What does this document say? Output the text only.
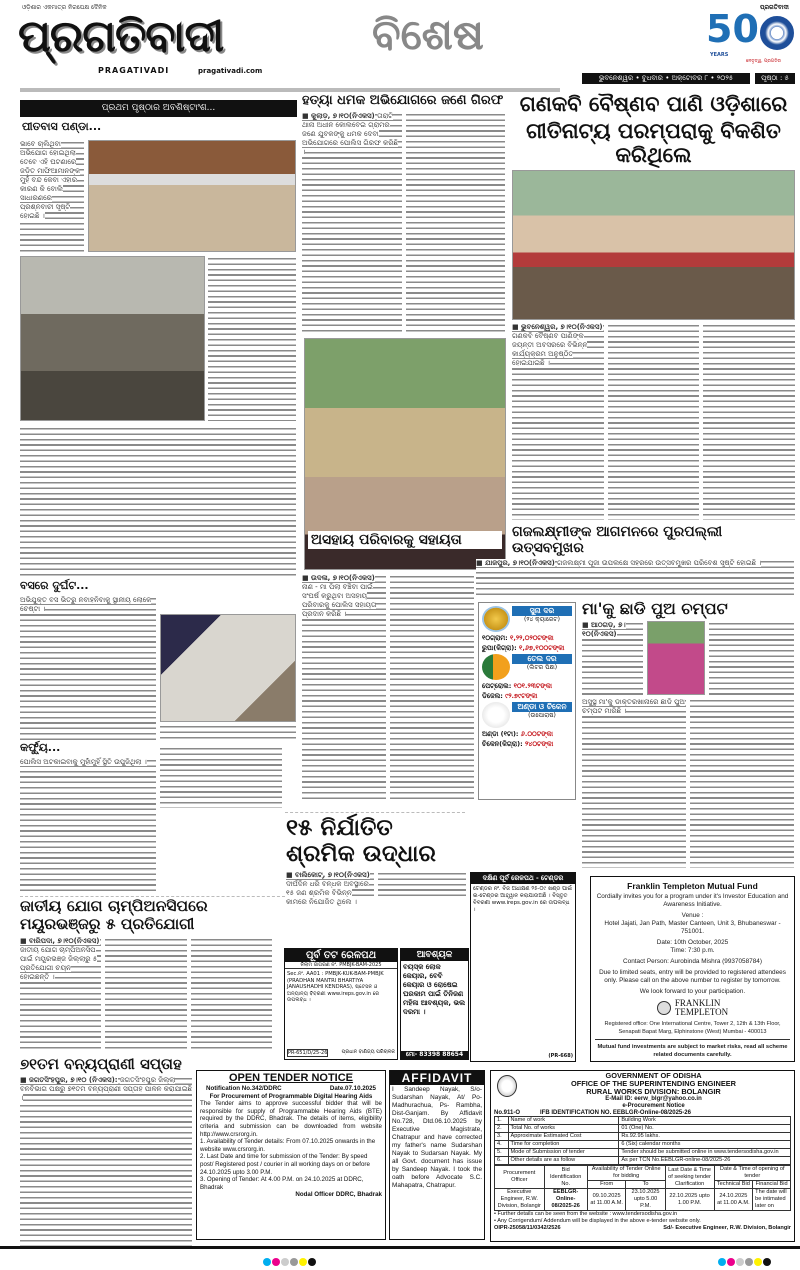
ଓଡ଼ିଶାର ଏକମାତ୍ର ନିରପେକ୍ଷ ଦୈନିକ
ପ୍ରଗତିବାଦୀ
PRAGATIVADI	pragativadi.com
ବିଶେଷ	50 ପ୍ରଗତିବାଦୀ
YEARS
ନେତୃତ୍ୱ, ପ୍ରଗତିର
ଭୁବନେଶ୍ୱର • ବୁଧବାର • ଅକ୍ଟୋବର ୮ • ୨୦୨୫	ପୃଷ୍ଠା : ୫
ପ୍ରଥମ ପୃଷ୍ଠାର ଅବଶିଷ୍ଟାଂଶ...
ପୀତବାସ ପଣ୍ଡା...
ଭାବେ ଚାଲିଥିବା ଅଭିଯୋଗ ହୋଇଥିଲା ତେବେ ଏହି ଘଟଣାରେ ଜଡ଼ିତ ମାଫିଆମାନଙ୍କ ମୁହଁ ବନ୍ଦ କେବା ଏହାର କାରଣ କି ବୋଲି ସାଧାରଣରେ ପ୍ରଶ୍ନବାଚୀ ସୃଷ୍ଟି ହୋଇଛି ।
ବସରେ ଦୁର୍ଘଟ...
ଅଭିଯୁକ୍ତ ବସ ଭିତରୁ ନବାହନିବାକୁ ସ୍ଥାନୀୟ ଲୋକେ ଚେଷ୍ଟା ।
କର୍ଫ୍ୟୁ...
ପୋଲିସ ଅଟକାଇବାକୁ ମୁହାଁମୁହିଁ ସ୍ଥିତି ଉପୁଜିଥିଲା ।
ହତ୍ୟା ଧମକ ଅଭିଯୋଗରେ ଜଣେ ଗିରଫ
■ କୁଲାଡ଼, ୭।୧୦(ନିଏକସ) ତାରାଟି ଥାନା ଅଧୀନ କୋଲବେଇ ଗ୍ରାମର ଜଣେ ଯୁବକଙ୍କୁ ଧମକ ଦେବା ଅଭିଯୋଗରେ ପୋଲିସ ଗିରଫ କରିଛି ।
ଗଣକବି ବୈଷ୍ଣବ ପାଣି ଓଡ଼ିଶାରେ
ଗୀତିନାଟ୍ୟ ପରମ୍ପରାକୁ ବିକଶିତ କରିଥିଲେ
■ ଭୁବନେଶ୍ୱର, ୭।୧୦(ନିଏକସ) ଗଣକବି ବୈଷ୍ଣବ ପାଣିଙ୍କ ଜୟନ୍ତୀ ଅବସରରେ ବିଭିନ୍ନ କାର୍ଯ୍ୟକ୍ରମ ଅନୁଷ୍ଠିତ ହୋଇଯାଇଛି ।
ଅସହାୟ ପରିବାରକୁ ସହାୟତା
■ ଉଦଳା, ୭।୧୦(ନିଏକସ) ନାଣ - ମା ପିଲା ବଞ୍ଚିବା ପାଇଁ ସଂଘର୍ଷ କରୁଥିବା ଅସହାୟ ପରିବାରକୁ ପୋଲିସ ସହାୟତା ପ୍ରଦାନ କରିଛି ।
ଗଜଲକ୍ଷ୍ମୀଙ୍କ ଆଗମନରେ ପୁରପଲ୍ଲୀ ଉତ୍ସବମୁଖର
■ ଯାଜପୁର, ୭।୧୦(ନିଏକସ) ଗଜଲକ୍ଷ୍ମୀ ପୂଜା ଉପଲକ୍ଷେ ସହରରେ ଉତ୍ସବମୁଖର ପରିବେଶ ସୃଷ୍ଟି ହୋଇଛି ।
ସୁନା ଦର
(୨୪ କ୍ୟାରେଟ)
୧୦ଗ୍ରାମ: ୧,୨୨,୦୨୦ଟଙ୍କା
ରୁପା(କିଗ୍ରା): ୧,୬୭,୧୦୦ଟଙ୍କା
ତେଲ ଦର
(ଲିଟର ପିଛା)
ପେଟ୍ରୋଲ: ୧୦୧.୨୩ଟଙ୍କା
ଡିଜେଲ: ୯୨.୭୯ଟଙ୍କା
ଅଣ୍ଡା ଓ ଚିକେନ
(ଉପୋରାଷ)
ଅଣ୍ଡା (୧ଟା): ୬.୦୦ଟଙ୍କା
ଚିକେନ(କିଗ୍ରା): ୨୪୦ଟଙ୍କା
ମା'କୁ ଛାଡି ପୁଅ ଚମ୍ପଟ
■ ଆଠଗଡ଼, ୭।୧୦(ନିଏକସ)
ଅସୁସ୍ଥ ମା'କୁ ଡାକ୍ତରଖାନାରେ ଛାଡି ପୁଅ ଚମ୍ପଟ ମାରିଛି ।
୧୫ ନିର୍ଯାତିତ ଶ୍ରମିକ ଉଦ୍ଧାର
■ ବାଲିକୋଟ୍, ୭।୧୦(ନିଏକସ) ଦୀର୍ଘଦିନ ଧରି ବନ୍ଧକ ଅବସ୍ଥାରେ ୧୫ ଜଣ ଶ୍ରମିକ ବିଭିନ୍ନ କାମରେ ନିଯୋଜିତ ଥିଲେ ।
ଦକ୍ଷିଣ ପୂର୍ବ ରେଳପଥ - ଟେଣ୍ଡର
ଟେଣ୍ଡର ନଂ. ବିଜ ଅଧୀକ୍ଷଣ ୨୫-୦୯ ଖଣ୍ଡ ପାଇଁ ଇ-ଟେଣ୍ଡର ଆହ୍ୱାନ କରାଯାଉଅଛି । ବିସ୍ତୃତ ବିବରଣୀ www.ireps.gov.in ରେ ଉପଲବ୍ଧ ।
(PR-668)

Franklin Templeton Mutual Fund

Cordially invites you for a program under it's Investor Education and Awareness Initiative.

Venue :
Hotel Jajati, Jan Path, Master Canteen, Unit 3, Bhubaneswar - 751001.

Date: 10th October, 2025
Time: 7:30 p.m.

Contact Person: Aurobinda Mishra (9937058784)

Due to limited seats, entry will be provided to registered attendees only. Please call on the above number to register by tomorrow.

We look forward to your participation.

FRANKLIN
TEMPLETON

Registered office: One International Centre, Tower 2, 12th & 13th Floor, Senapati Bapat Marg, Elphinstone (West) Mumbai - 400013

Mutual fund investments are subject to market risks, read all scheme related documents carefully.

ଜାତୀୟ ଯୋଗ ଚାମ୍ପିଅନସିପରେ ମୟୂରଭଞ୍ଜରୁ ୫ ପ୍ରତିଯୋଗୀ
■ ବାରିପଦା, ୭।୧୦(ନିଏକସ) ଜାତୀୟ ଯୋଗ ଚାମ୍ପିଅନସିପ ପାଇଁ ମୟୂରଭଞ୍ଜ ଜିଲ୍ଲାରୁ ୫ ପ୍ରତିଯୋଗୀ ଚୟନ ହୋଇଛନ୍ତି ।
ପୂର୍ବ ତଟ ରେଳପଥ
ନିଲାମ ଜାଗରଣ ନଂ. PMBJK-BAM-2025
Sec.ନଂ. AA01 : PMBJK-KUK-BAM-PMBJK (PRADHAN MANTRI BHARTIYA JANAUSHADHI KENDRAS), ଷ୍ଟେସନ ଓ ଅନ୍ୟାନ୍ୟ ବିବରଣୀ www.ireps.gov.in ରେ ଉପଲବ୍ଧ ।
PR-651/D/25-26	ପ୍ରଧାନ ବାଣିଜ୍ୟ ପରିଚାଳକ
ଆବଶ୍ୟକ
ବୟସ୍କ ଲୋକ କେୟାର, ବେବି କେୟାର ଓ ରୋଷେଇ ଘରକାମ ପାଇଁ ତିନିଜଣ ମହିଳା ଆବଶ୍ୟକ, ଭଲ ଦରମା ।
ମୋ- 83398 88654
୭୧ତମ ବନ୍ୟପ୍ରାଣୀ ସପ୍ତାହ
■ ଜଗତସିଂହପୁର, ୭।୧୦ (ନିଏକସ): ଜଗତସିଂହପୁର ଜିଲ୍ଲା ବନବିଭାଗ ପକ୍ଷରୁ ୭୧ତମ ବନ୍ୟପ୍ରାଣୀ ସପ୍ତାହ ପାଳନ କରାଯାଇଛି ।
OPEN TENDER NOTICE
Notification No.342/DDRC	Date.07.10.2025
For Procurement of Programmable Digital Hearing Aids
The Tender aims to approve successful bidder that will be responsible for supply of Programmable Hearing Aids (BTE) required by the DDRC, Bhadrak. The details of items, eligibility criteria and submission can be downloaded from website http://www.crsrorg.in.
1. Availability of Tender details: From 07.10.2025 onwards in the website www.crsrorg.in.
2. Last Date and time for submission of the Tender: By speed post/ Registered post / courier in all working days on or before 24.10.2025 upto 3.00 P.M.
3. Opening of Tender: At 4.00 P.M. on 24.10.2025 at DDRC, Bhadrak
Nodal Officer DDRC, Bhadrak
AFFIDAVIT
I Sandeep Nayak, S/o- Sudarshan Nayak, At/ Po-Madhurachua, Ps- Rambha, Dist-Ganjam. By Affidavit No.728, Dtd.06.10.2025 by Executive Magistrate, Chatrapur and have corrected my father's name Sudarshan Nayak to Sudarsan Nayak. My all Govt. document has issue by Sandeep Nayak. I took the oath before Advocate S.C. Mahapatra, Chatrapur.
GOVERNMENT OF ODISHA
OFFICE OF THE SUPERINTENDING ENGINEER
RURAL WORKS DIVISION: BOLANGIR
E-Mail ID: eerw_blgr@yahoo.co.in
e-Procurement Notice
No.911-O	IFB IDENTIFICATION NO. EEBLGR-Online-08/2025-26
1.	Name of work	Building Work
2.	Total No. of works	01 (One) No.
3.	Approximate Estimated Cost	Rs.92.95 lakhs.
4.	Time for completion	6 (Six) calendar months
5.	Mode of Submission of tender	Tender should be submitted online in www.tendersodisha.gov.in
6.	Other details are as follow	As per TCN No.EEBLGR-online-08/2025-26
Procurement Officer	Bid Identification No.	Availability of Tender Online for bidding		Last Date & Time of seeking tender Clarification	Date & Time of opening of tender	
		From	To		Technical Bid	Financial Bid
Executive Engineer, R.W. Division, Bolangir	EEBLGR-Online-08/2025-26	09.10.2025 at 11.00 A.M.	23.10.2025 upto 5.00 P.M.	22.10.2025 upto 1.00 P.M.	24.10.2025 at 11.00 A.M.	The date will be intimated later on
• Further details can be seen from the website : www.tendersodisha.gov.in
• Any Corrigendum/ Addendum will be displayed in the above e-tender website only.
OIPR-25058/11/0342/2526	Sd/- Executive Engineer, R.W. Division, Bolangir
